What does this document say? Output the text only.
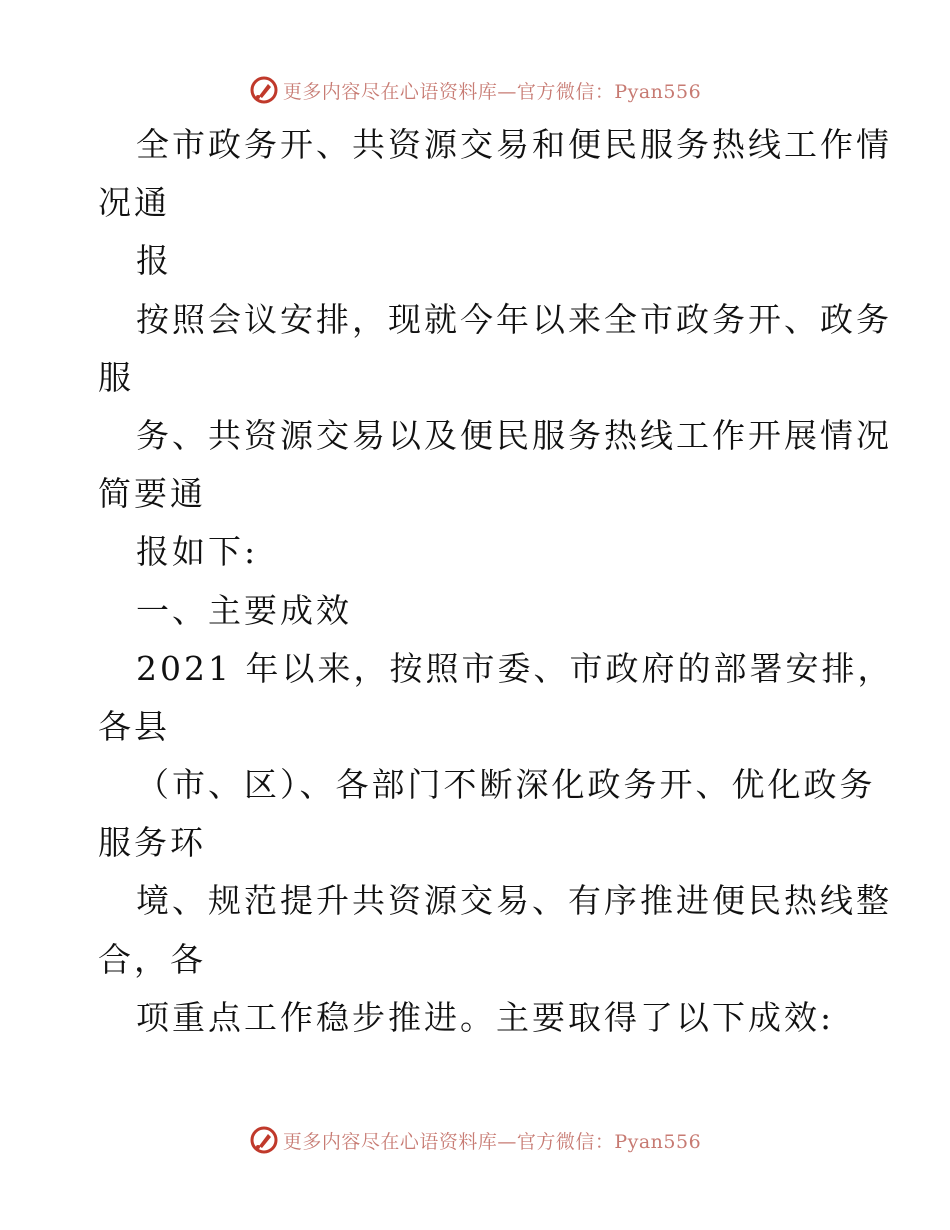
更多内容尽在心语资料库—官方微信：Pyan556
全市政务开、共资源交易和便民服务热线工作情
况通
报
按照会议安排，现就今年以来全市政务开、政务
服
务、共资源交易以及便民服务热线工作开展情况
简要通
报如下:
一、主要成效
2021 年以来，按照市委、市政府的部署安排，
各县
（市、区）、各部门不断深化政务开、优化政务
服务环
境、规范提升共资源交易、有序推进便民热线整
合，各
项重点工作稳步推进。主要取得了以下成效:
更多内容尽在心语资料库—官方微信：Pyan556
